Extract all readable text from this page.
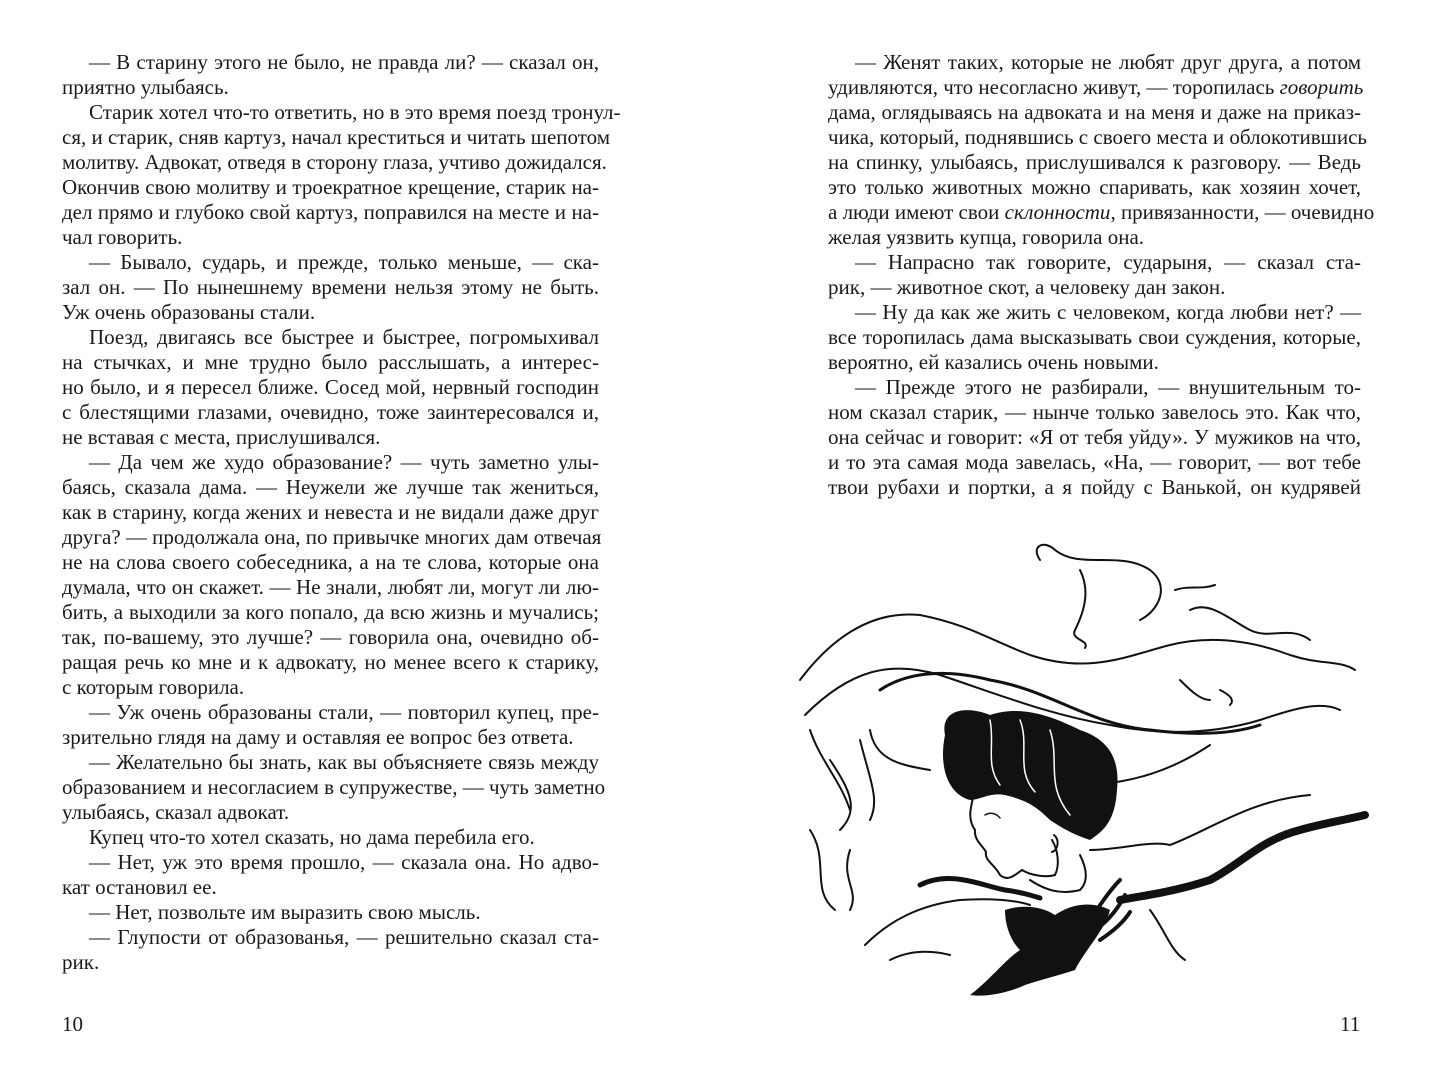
— В старину этого не было, не правда ли? — сказал он,
приятно улыбаясь.
Старик хотел что-то ответить, но в это время поезд тронул-
ся, и старик, сняв картуз, начал креститься и читать шепотом
молитву. Адвокат, отведя в сторону глаза, учтиво дожидался.
Окончив свою молитву и троекратное крещение, старик на-
дел прямо и глубоко свой картуз, поправился на месте и на-
чал говорить.
— Бывало, сударь, и прежде, только меньше, — ска-
зал он. — По нынешнему времени нельзя этому не быть.
Уж очень образованы стали.
Поезд, двигаясь все быстрее и быстрее, погромыхивал
на стычках, и мне трудно было расслышать, а интерес-
но было, и я пересел ближе. Сосед мой, нервный господин
с блестящими глазами, очевидно, тоже заинтересовался и,
не вставая с места, прислушивался.
— Да чем же худо образование? — чуть заметно улы-
баясь, сказала дама. — Неужели же лучше так жениться,
как в старину, когда жених и невеста и не видали даже друг
друга? — продолжала она, по привычке многих дам отвечая
не на слова своего собеседника, а на те слова, которые она
думала, что он скажет. — Не знали, любят ли, могут ли лю-
бить, а выходили за кого попало, да всю жизнь и мучались;
так, по-вашему, это лучше? — говорила она, очевидно об-
ращая речь ко мне и к адвокату, но менее всего к старику,
с которым говорила.
— Уж очень образованы стали, — повторил купец, пре-
зрительно глядя на даму и оставляя ее вопрос без ответа.
— Желательно бы знать, как вы объясняете связь между
образованием и несогласием в супружестве, — чуть заметно
улыбаясь, сказал адвокат.
Купец что-то хотел сказать, но дама перебила его.
— Нет, уж это время прошло, — сказала она. Но адво-
кат остановил ее.
— Нет, позвольте им выразить свою мысль.
— Глупости от образованья, — решительно сказал ста-
рик.
— Женят таких, которые не любят друг друга, а потом
удивляются, что несогласно живут, — торопилась говорить
дама, оглядываясь на адвоката и на меня и даже на приказ-
чика, который, поднявшись с своего места и облокотившись
на спинку, улыбаясь, прислушивался к разговору. — Ведь
это только животных можно спаривать, как хозяин хочет,
а люди имеют свои склонности, привязанности, — очевидно
желая уязвить купца, говорила она.
— Напрасно так говорите, сударыня, — сказал ста-
рик, — животное скот, а человеку дан закон.
— Ну да как же жить с человеком, когда любви нет? —
все торопилась дама высказывать свои суждения, которые,
вероятно, ей казались очень новыми.
— Прежде этого не разбирали, — внушительным то-
ном сказал старик, — нынче только завелось это. Как что,
она сейчас и говорит: «Я от тебя уйду». У мужиков на что,
и то эта самая мода завелась, «На, — говорит, — вот тебе
твои рубахи и портки, а я пойду с Ванькой, он кудрявей
10	11
